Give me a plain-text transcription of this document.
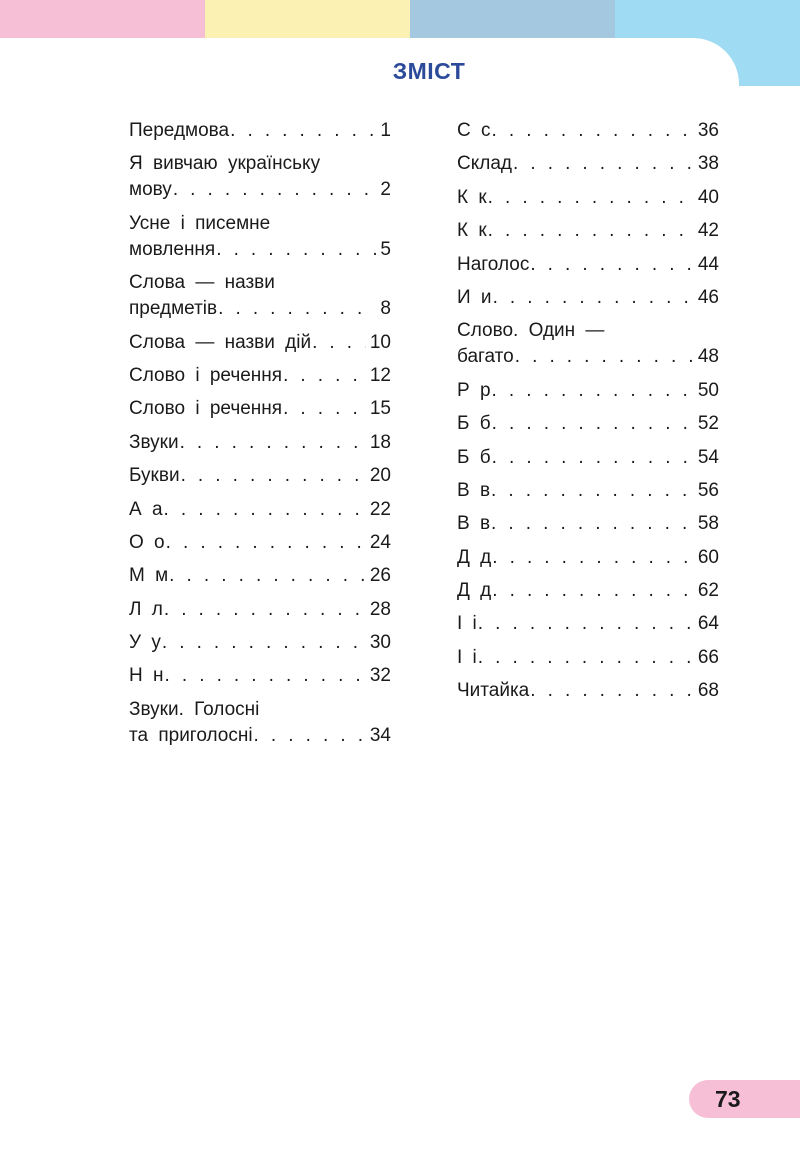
ЗМІСТ
Передмова . . .	1
Я вивчаю українську
мову . . .	2
Усне і писемне
мовлення . . .	5
Слова — назви
предметів . . .	8
Слова — назви дій . . .	10
Слово і речення . . .	12
Слово і речення . . .	15
Звуки . . .	18
Букви . . .	20
А а . . .	22
О о . . .	24
М м . . .	26
Л л . . .	28
У у . . .	30
Н н . . .	32
Звуки. Голосні
та приголосні . . .	34
С с . . .	36
Склад . . .	38
К к . . .	40
К к . . .	42
Наголос . . .	44
И и . . .	46
Слово. Один —
багато . . .	48
Р р . . .	50
Б б . . .	52
Б б . . .	54
В в . . .	56
В в . . .	58
Д д . . .	60
Д д . . .	62
І і . . .	64
І і . . .	66
Читайка . . .	68
73
